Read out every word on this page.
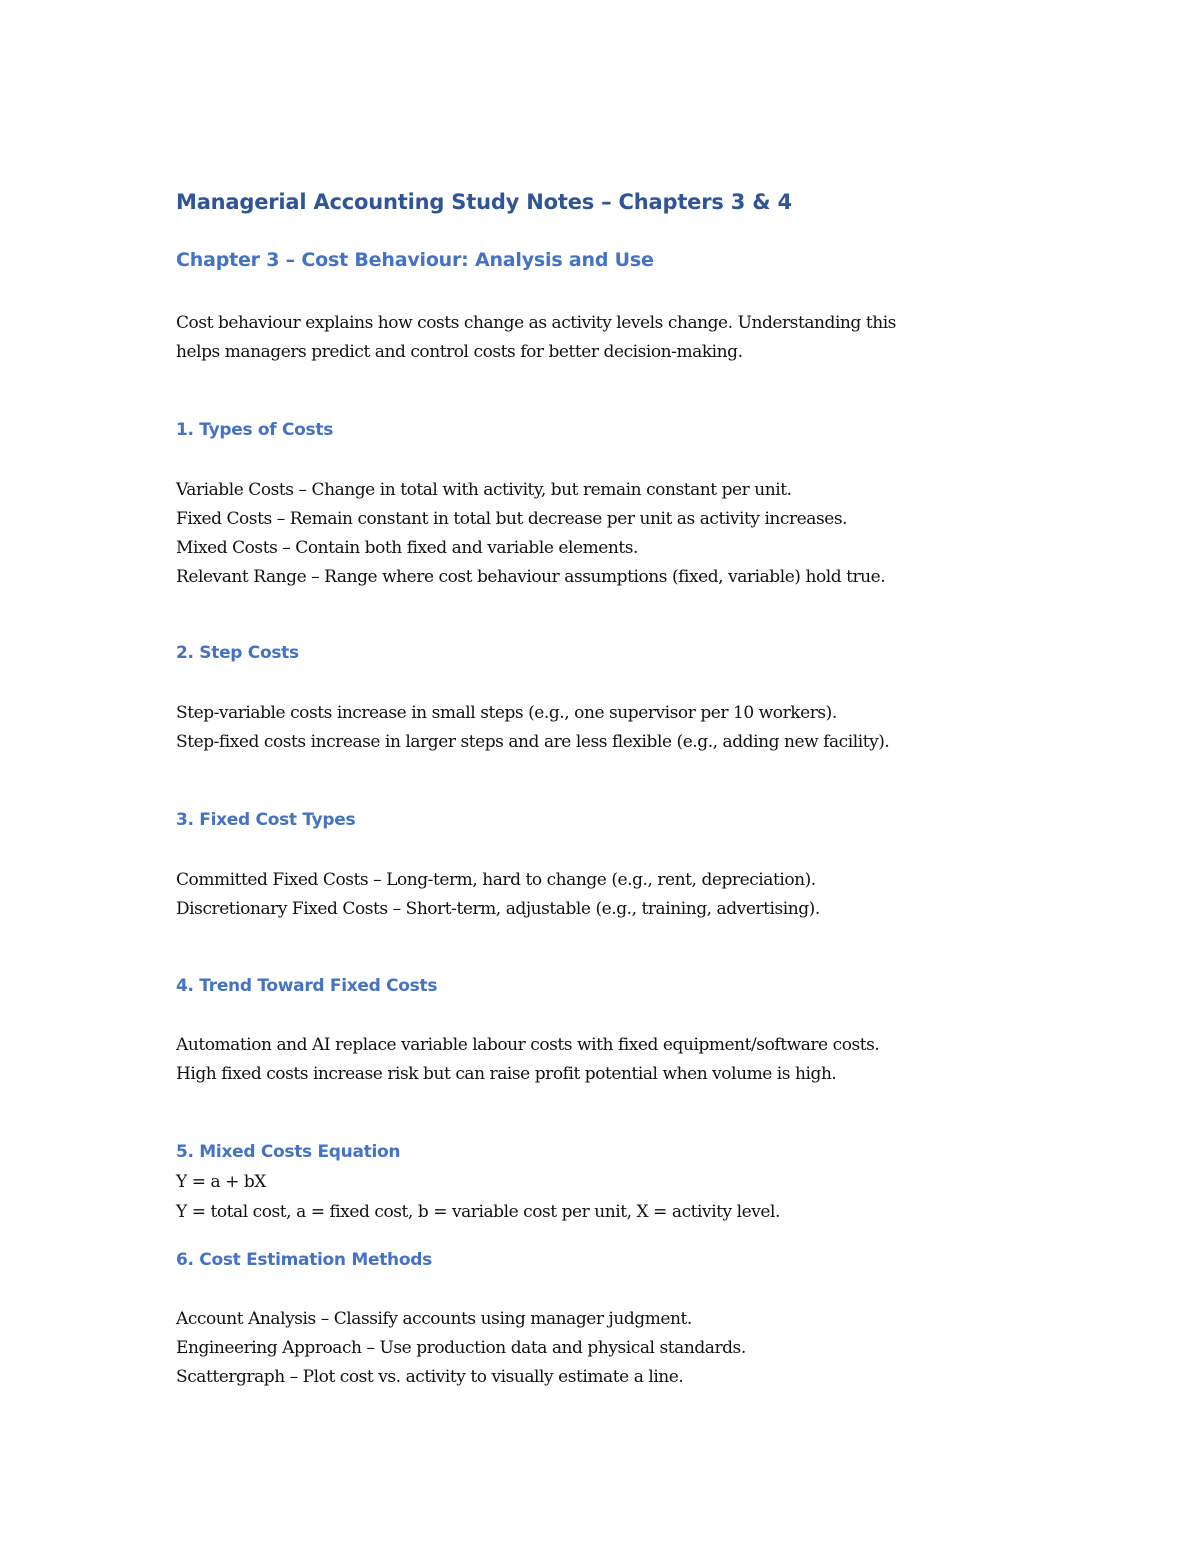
Managerial Accounting Study Notes – Chapters 3 & 4
Chapter 3 – Cost Behaviour: Analysis and Use

Cost behaviour explains how costs change as activity levels change. Understanding this

helps managers predict and control costs for better decision-making.

1. Types of Costs

Variable Costs – Change in total with activity, but remain constant per unit.

Fixed Costs – Remain constant in total but decrease per unit as activity increases.

Mixed Costs – Contain both fixed and variable elements.

Relevant Range – Range where cost behaviour assumptions (fixed, variable) hold true.

2. Step Costs

Step-variable costs increase in small steps (e.g., one supervisor per 10 workers).

Step-fixed costs increase in larger steps and are less flexible (e.g., adding new facility).

3. Fixed Cost Types

Committed Fixed Costs – Long-term, hard to change (e.g., rent, depreciation).

Discretionary Fixed Costs – Short-term, adjustable (e.g., training, advertising).

4. Trend Toward Fixed Costs

Automation and AI replace variable labour costs with fixed equipment/software costs.

High fixed costs increase risk but can raise profit potential when volume is high.

5. Mixed Costs Equation

Y = a + bX

Y = total cost, a = fixed cost, b = variable cost per unit, X = activity level.

6. Cost Estimation Methods

Account Analysis – Classify accounts using manager judgment.

Engineering Approach – Use production data and physical standards.

Scattergraph – Plot cost vs. activity to visually estimate a line.
